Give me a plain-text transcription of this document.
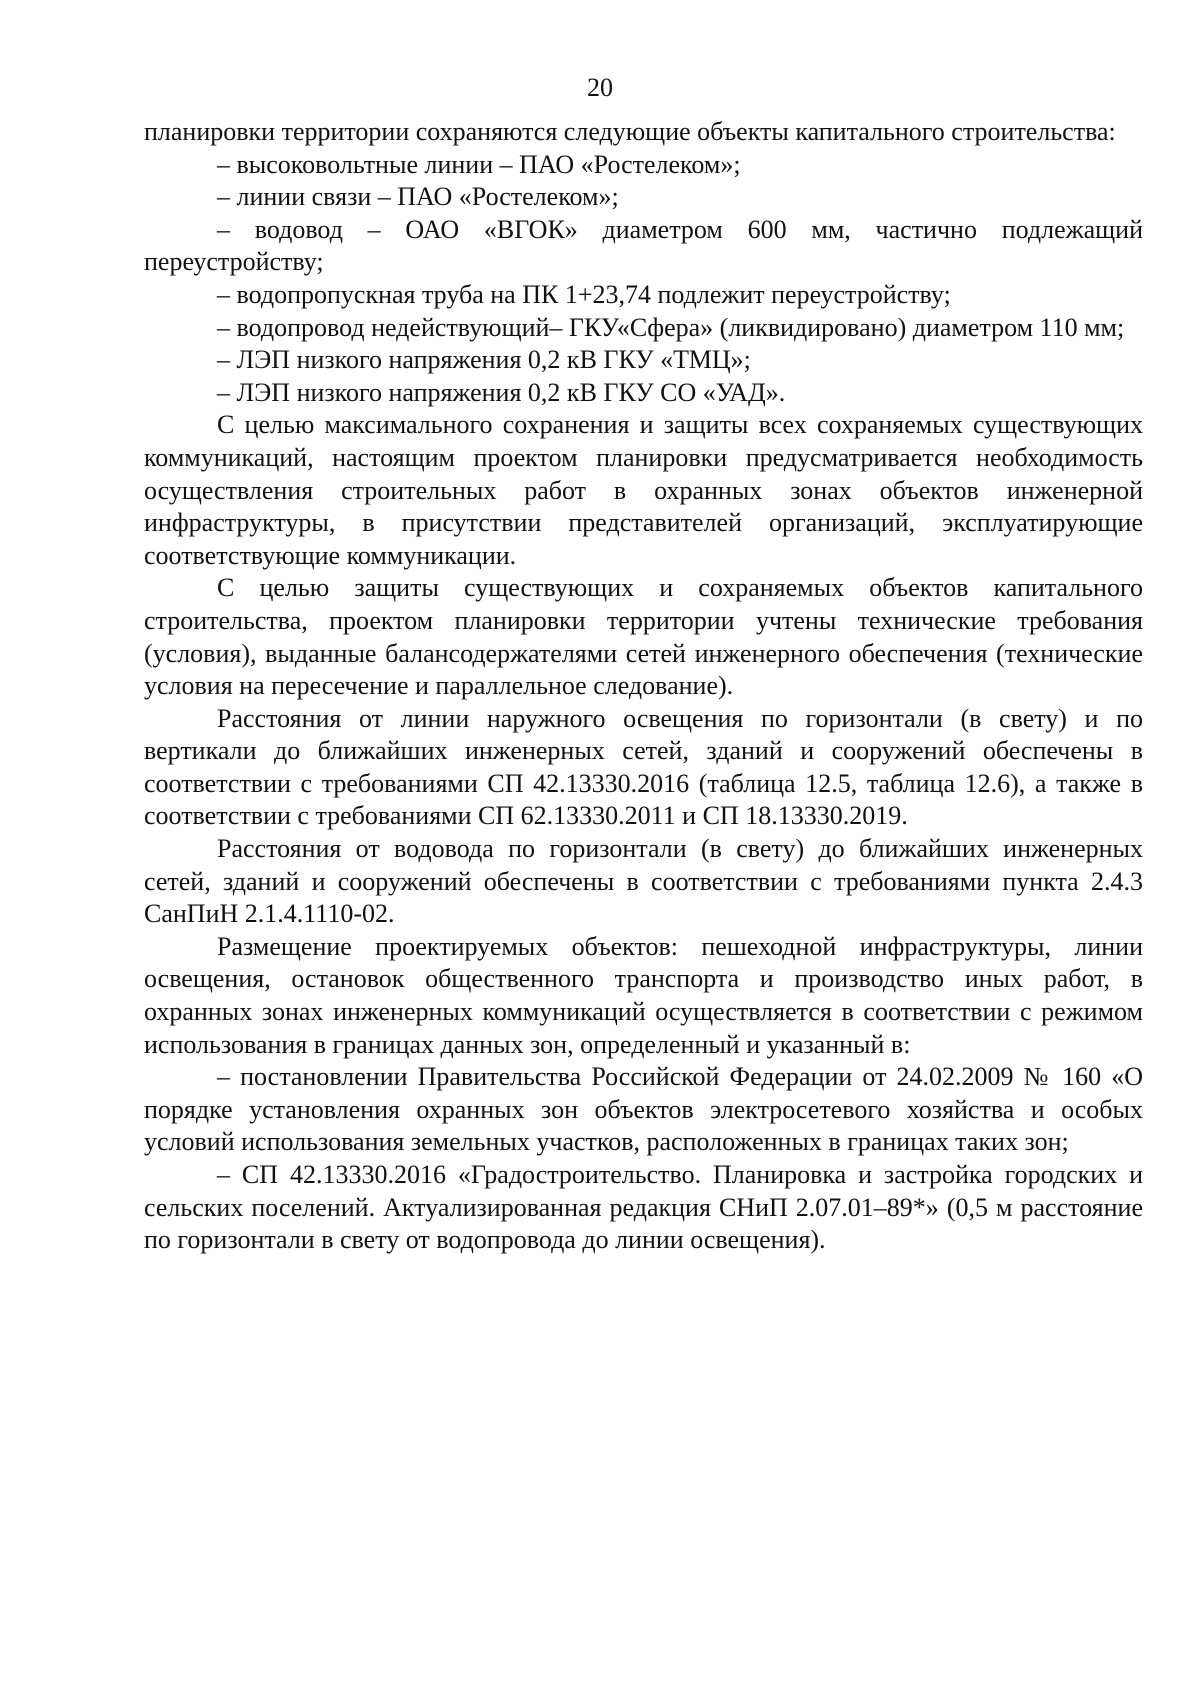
20

планировки территории сохраняются следующие объекты капитального строительства:

– высоковольтные линии – ПАО «Ростелеком»;

– линии связи – ПАО «Ростелеком»;

– водовод – ОАО «ВГОК» диаметром 600 мм, частично подлежащий переустройству;

– водопропускная труба на ПК 1+23,74 подлежит переустройству;

– водопровод недействующий– ГКУ«Сфера» (ликвидировано) диаметром 110 мм;

– ЛЭП низкого напряжения 0,2 кВ ГКУ «ТМЦ»;

– ЛЭП низкого напряжения 0,2 кВ ГКУ СО «УАД».

С целью максимального сохранения и защиты всех сохраняемых существующих коммуникаций, настоящим проектом планировки предусматривается необходимость осуществления строительных работ в охранных зонах объектов инженерной инфраструктуры, в присутствии представителей организаций, эксплуатирующие соответствующие коммуникации.

С целью защиты существующих и сохраняемых объектов капитального строительства, проектом планировки территории учтены технические требования (условия), выданные балансодержателями сетей инженерного обеспечения (технические условия на пересечение и параллельное следование).

Расстояния от линии наружного освещения по горизонтали (в свету) и по вертикали до ближайших инженерных сетей, зданий и сооружений обеспечены в соответствии с требованиями СП 42.13330.2016 (таблица 12.5, таблица 12.6), а также в соответствии с требованиями СП 62.13330.2011 и СП 18.13330.2019.

Расстояния от водовода по горизонтали (в свету) до ближайших инженерных сетей, зданий и сооружений обеспечены в соответствии с требованиями пункта 2.4.3 СанПиН 2.1.4.1110-02.

Размещение проектируемых объектов: пешеходной инфраструктуры, линии освещения, остановок общественного транспорта и производство иных работ, в охранных зонах инженерных коммуникаций осуществляется в соответствии с режимом использования в границах данных зон, определенный и указанный в:

– постановлении Правительства Российской Федерации от 24.02.2009 № 160 «О порядке установления охранных зон объектов электросетевого хозяйства и особых условий использования земельных участков, расположенных в границах таких зон;

– СП 42.13330.2016 «Градостроительство. Планировка и застройка городских и сельских поселений. Актуализированная редакция СНиП 2.07.01–89*» (0,5 м расстояние по горизонтали в свету от водопровода до линии освещения).
